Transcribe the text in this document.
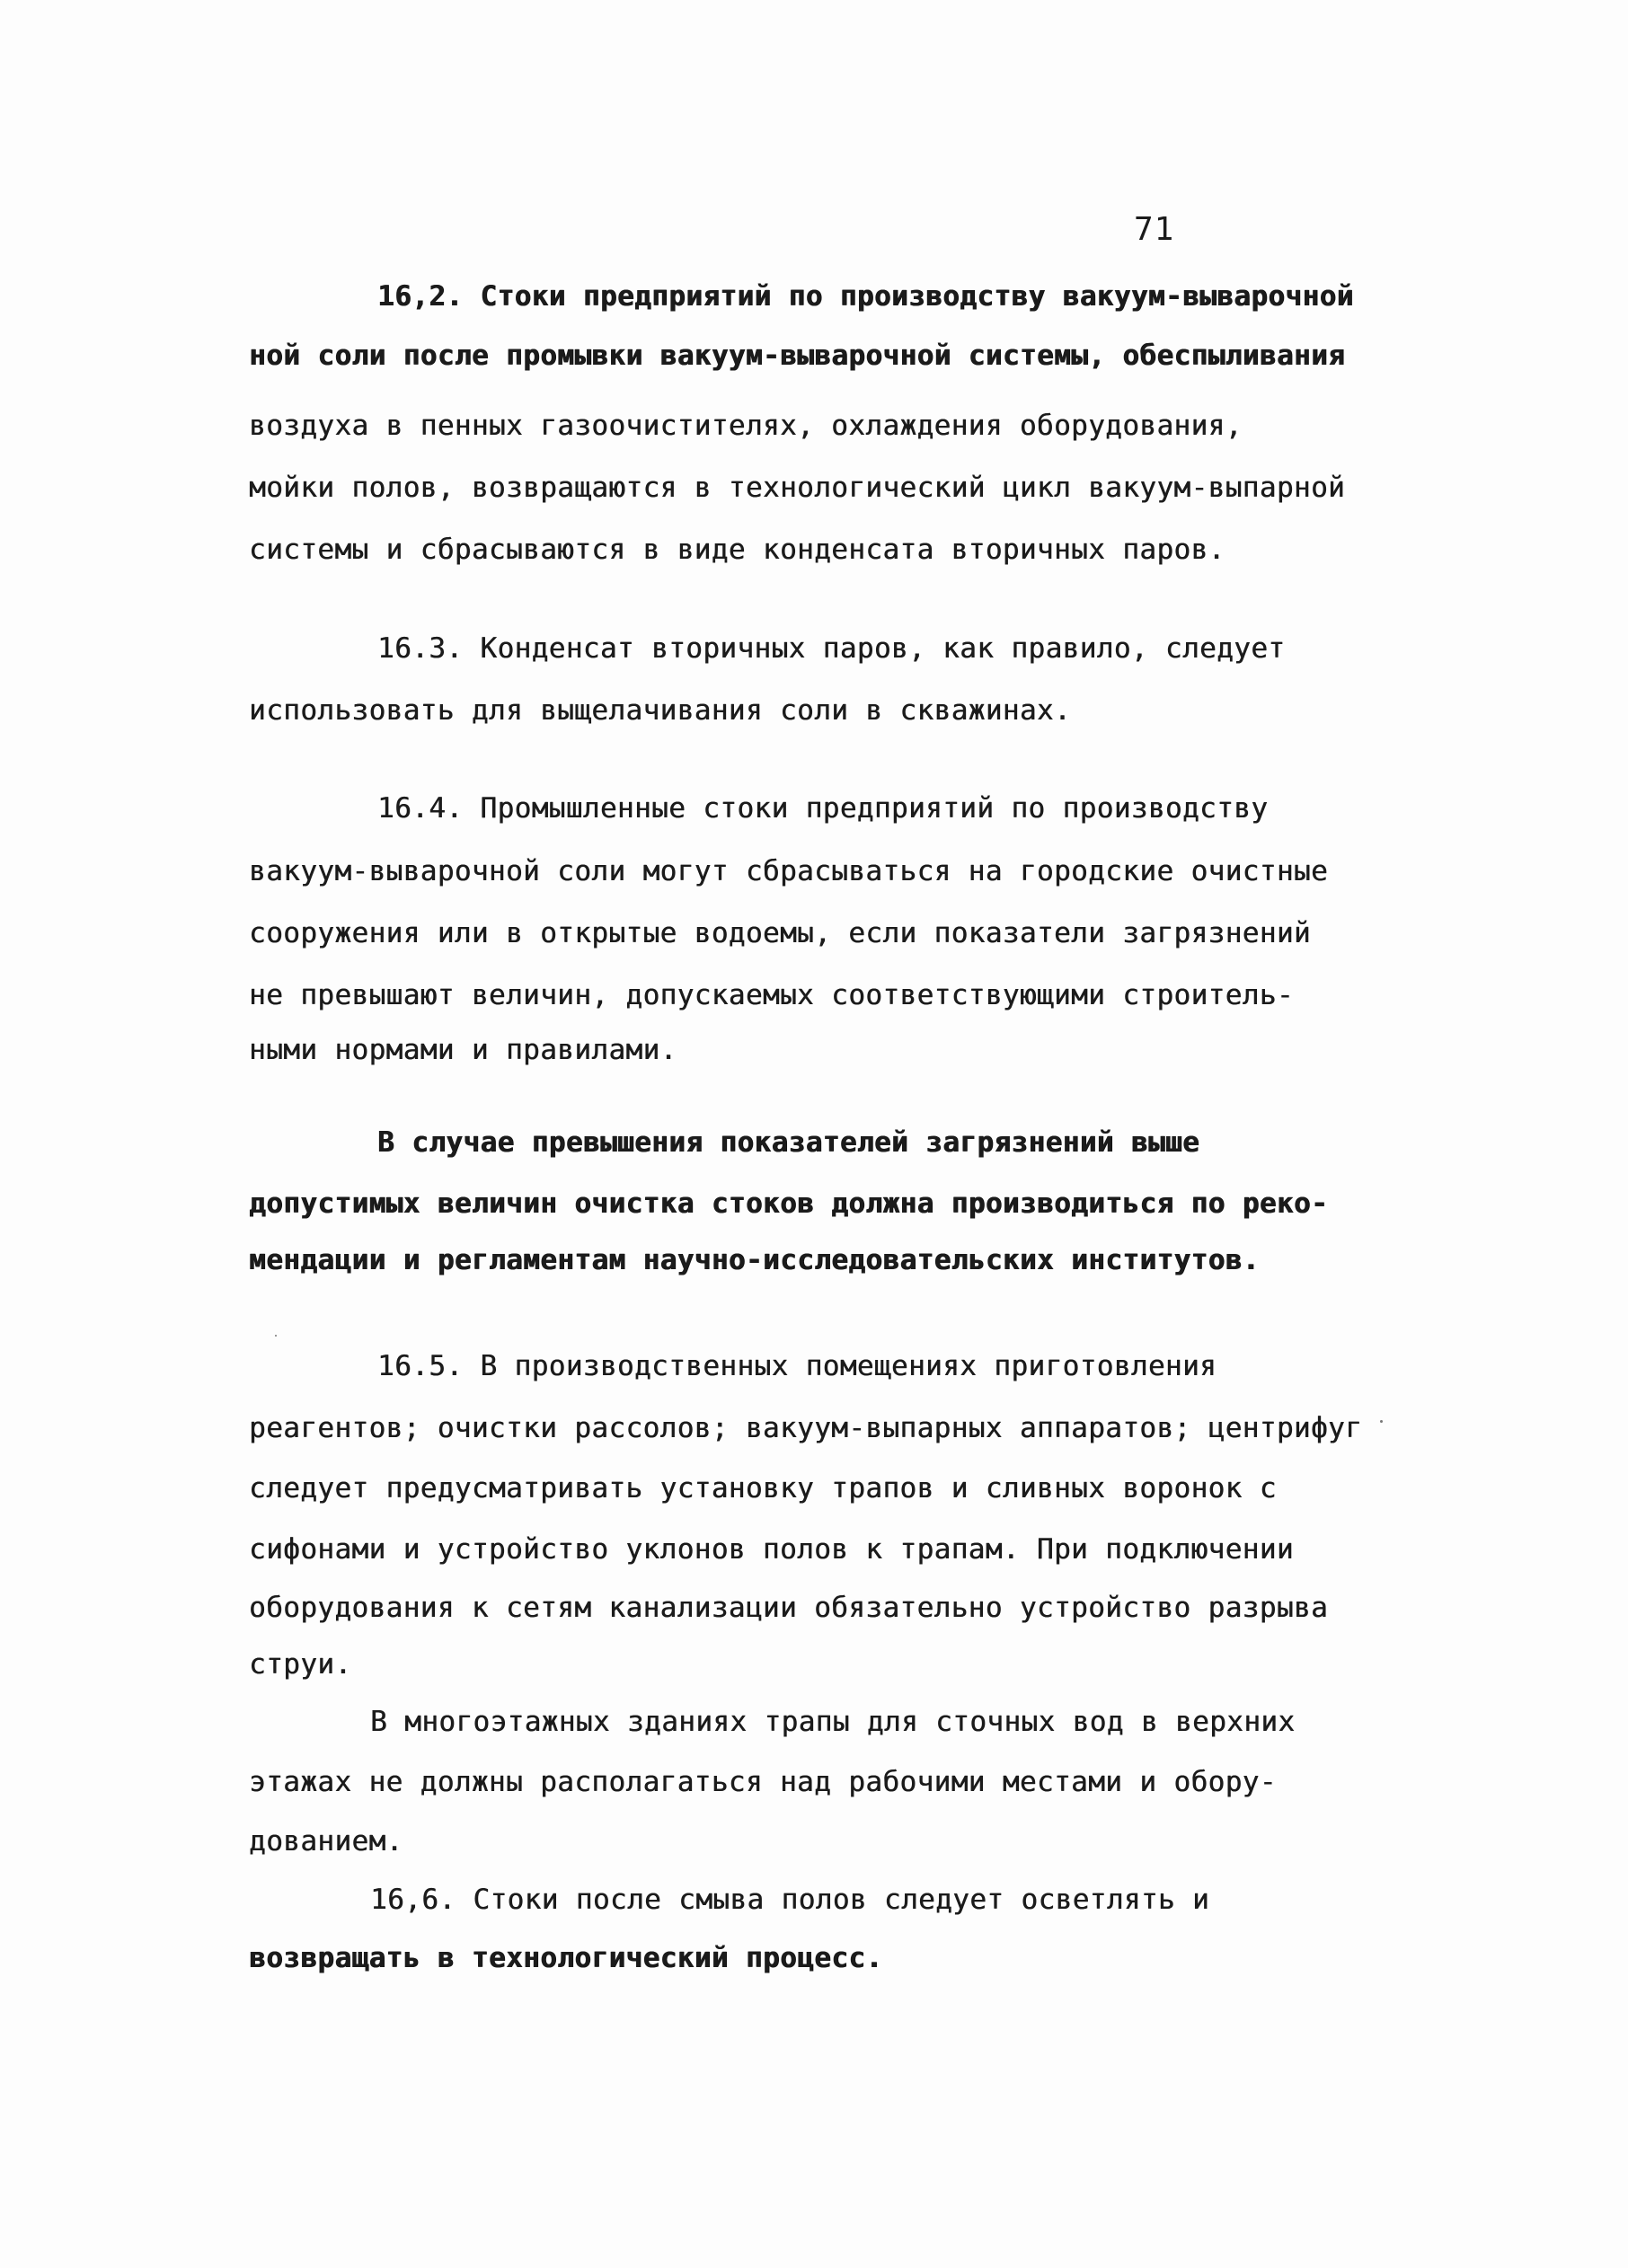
71
16,2. Стоки предприятий по производству вакуум-выварочной
ной соли после промывки вакуум-выварочной системы, обеспыливания
воздуха в пенных газоочистителях, охлаждения оборудования,
мойки полов, возвращаются в технологический цикл вакуум-выпарной
системы и сбрасываются в виде конденсата вторичных паров.
16.3. Конденсат вторичных паров, как правило, следует
использовать для выщелачивания соли в скважинах.
16.4. Промышленные стоки предприятий по производству
вакуум-выварочной соли могут сбрасываться на городские очистные
сооружения или в открытые водоемы, если показатели загрязнений
не превышают величин, допускаемых соответствующими строитель-
ными нормами и правилами.
В случае превышения показателей загрязнений выше
допустимых величин очистка стоков должна производиться по реко-
мендации и регламентам научно-исследовательских институтов.
16.5. В производственных помещениях приготовления
реагентов; очистки рассолов; вакуум-выпарных аппаратов; центрифуг
следует предусматривать установку трапов и сливных воронок с
сифонами и устройство уклонов полов к трапам. При подключении
оборудования к сетям канализации обязательно устройство разрыва
струи.
В многоэтажных зданиях трапы для сточных вод в верхних
этажах не должны располагаться над рабочими местами и обору-
дованием.
16,6. Стоки после смыва полов следует осветлять и
возвращать в технологический процесс.
